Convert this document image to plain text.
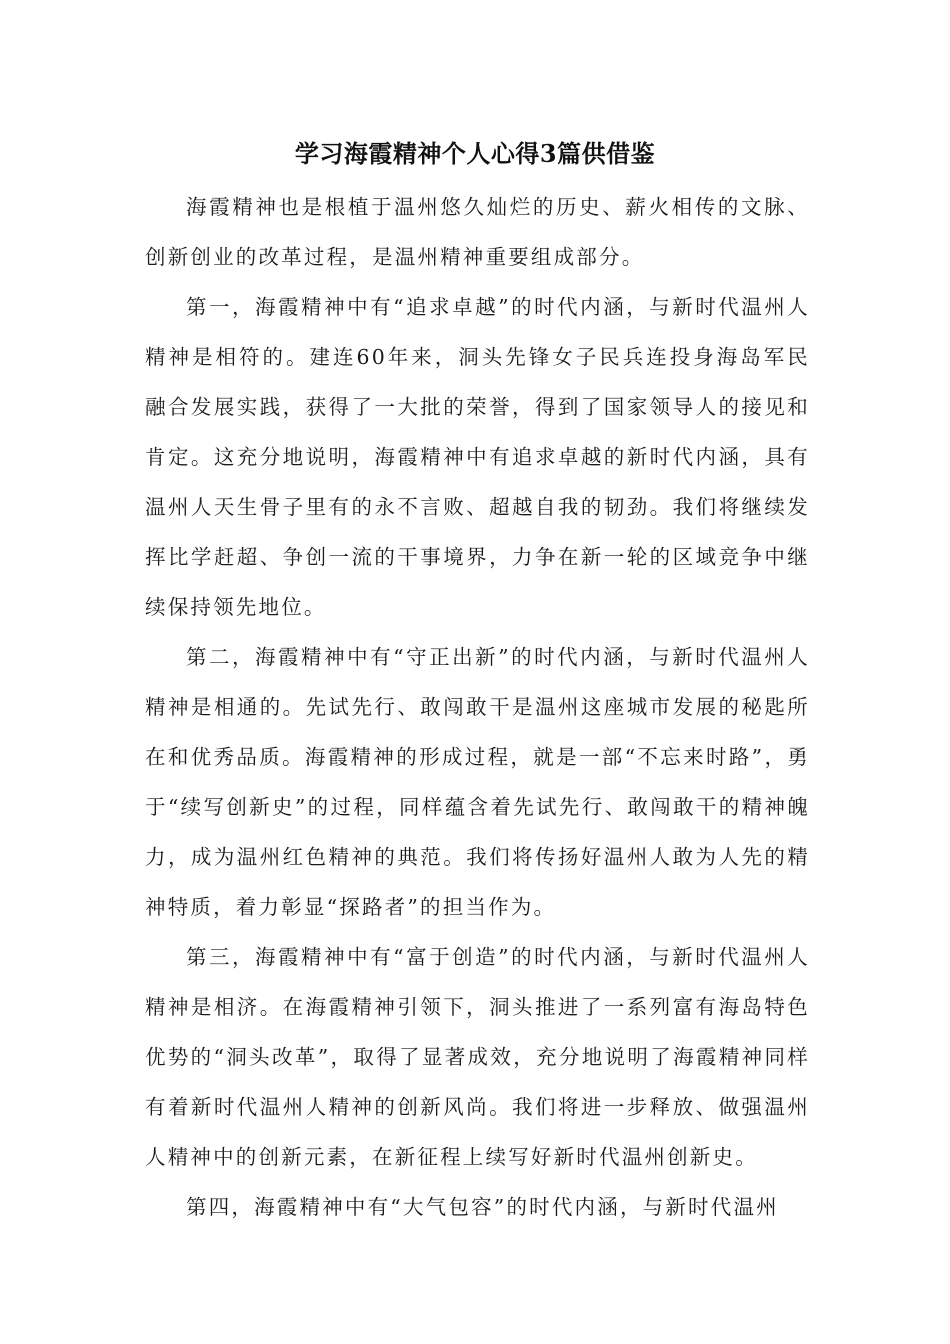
学习海霞精神个人心得3篇供借鉴

海霞精神也是根植于温州悠久灿烂的历史、薪火相传的文脉、创新创业的改革过程，是温州精神重要组成部分。

第一，海霞精神中有“追求卓越”的时代内涵，与新时代温州人精神是相符的。建连60年来，洞头先锋女子民兵连投身海岛军民融合发展实践，获得了一大批的荣誉，得到了国家领导人的接见和肯定。这充分地说明，海霞精神中有追求卓越的新时代内涵，具有温州人天生骨子里有的永不言败、超越自我的韧劲。我们将继续发挥比学赶超、争创一流的干事境界，力争在新一轮的区域竞争中继续保持领先地位。

第二，海霞精神中有“守正出新”的时代内涵，与新时代温州人精神是相通的。先试先行、敢闯敢干是温州这座城市发展的秘匙所在和优秀品质。海霞精神的形成过程，就是一部“不忘来时路”，勇于“续写创新史”的过程，同样蕴含着先试先行、敢闯敢干的精神魄力，成为温州红色精神的典范。我们将传扬好温州人敢为人先的精神特质，着力彰显“探路者”的担当作为。

第三，海霞精神中有“富于创造”的时代内涵，与新时代温州人精神是相济。在海霞精神引领下，洞头推进了一系列富有海岛特色优势的“洞头改革”，取得了显著成效，充分地说明了海霞精神同样有着新时代温州人精神的创新风尚。我们将进一步释放、做强温州人精神中的创新元素，在新征程上续写好新时代温州创新史。

第四，海霞精神中有“大气包容”的时代内涵，与新时代温州
